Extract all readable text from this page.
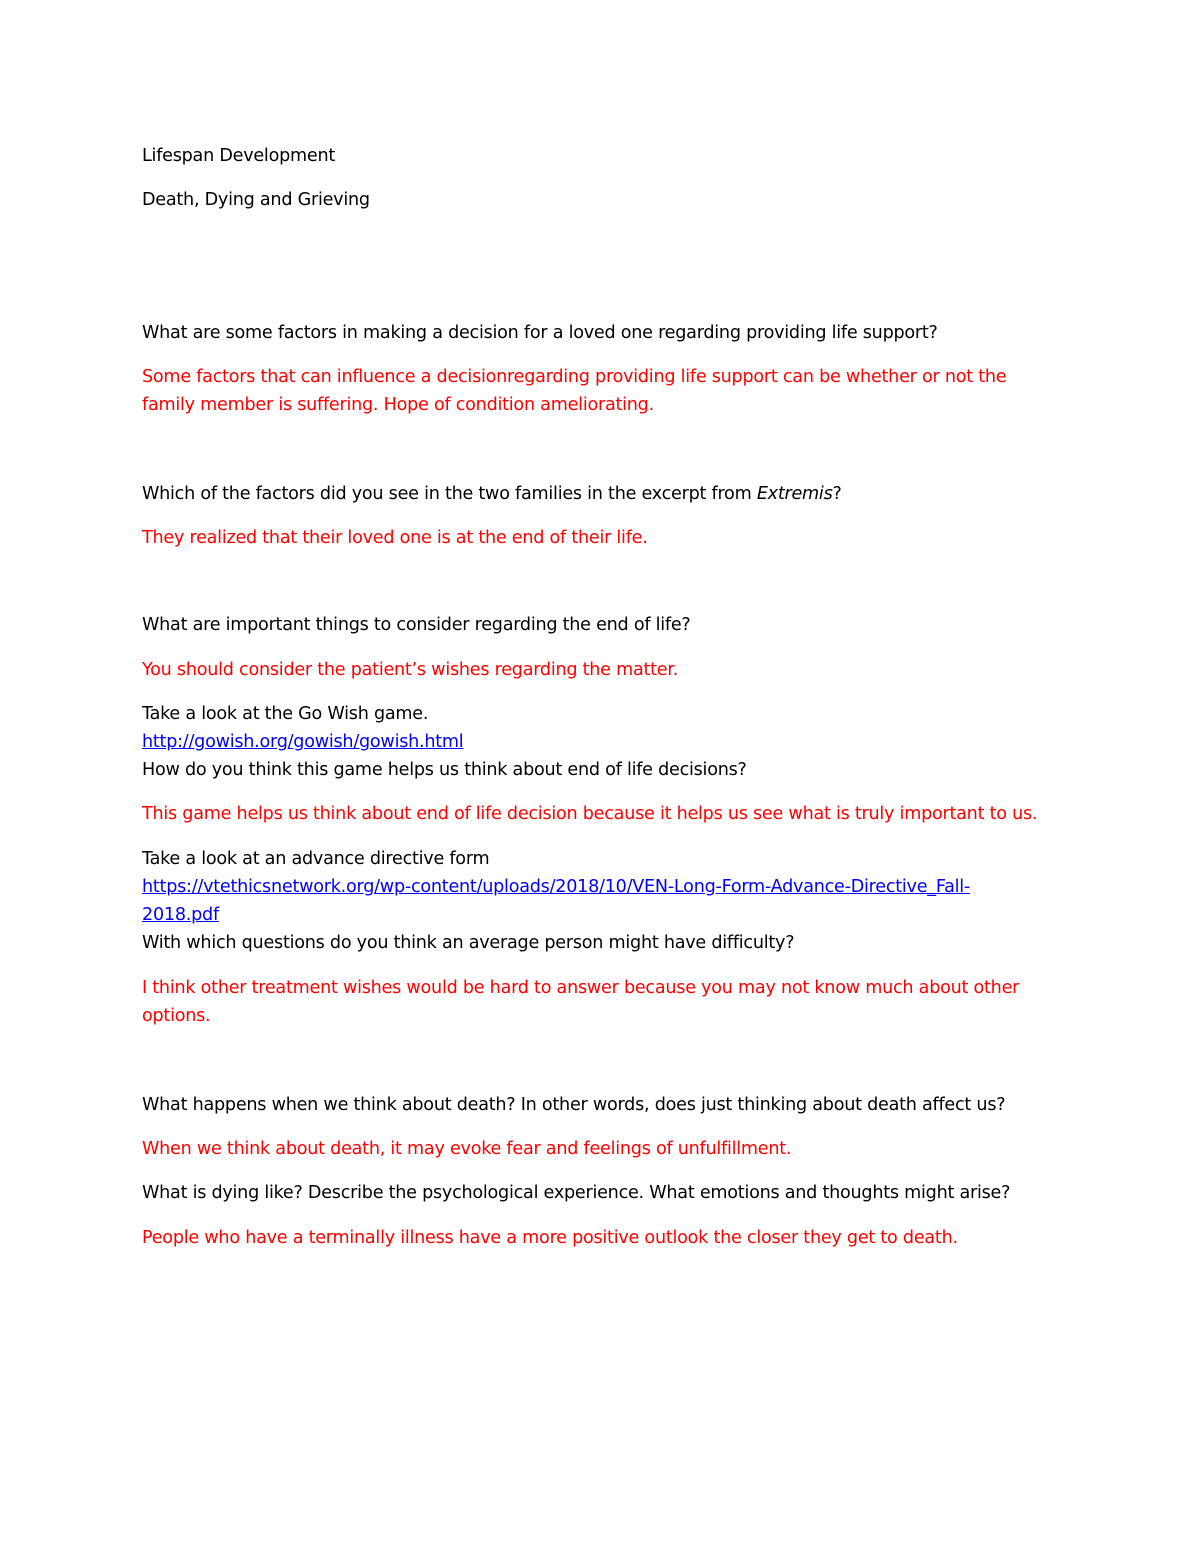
Lifespan Development
Death, Dying and Grieving
What are some factors in making a decision for a loved one regarding providing life support?
Some factors that can influence a decisionregarding providing life support can be whether or not the
family member is suffering. Hope of condition ameliorating.
Which of the factors did you see in the two families in the excerpt from Extremis?
They realized that their loved one is at the end of their life.
What are important things to consider regarding the end of life?
You should consider the patient’s wishes regarding the matter.
Take a look at the Go Wish game.
http://gowish.org/gowish/gowish.html
How do you think this game helps us think about end of life decisions?
This game helps us think about end of life decision because it helps us see what is truly important to us.
Take a look at an advance directive form
https://vtethicsnetwork.org/wp-content/uploads/2018/10/VEN-Long-Form-Advance-Directive_Fall-
2018.pdf
With which questions do you think an average person might have difficulty?
I think other treatment wishes would be hard to answer because you may not know much about other
options.
What happens when we think about death? In other words, does just thinking about death affect us?
When we think about death, it may evoke fear and feelings of unfulfillment.
What is dying like? Describe the psychological experience. What emotions and thoughts might arise?
People who have a terminally illness have a more positive outlook the closer they get to death.
